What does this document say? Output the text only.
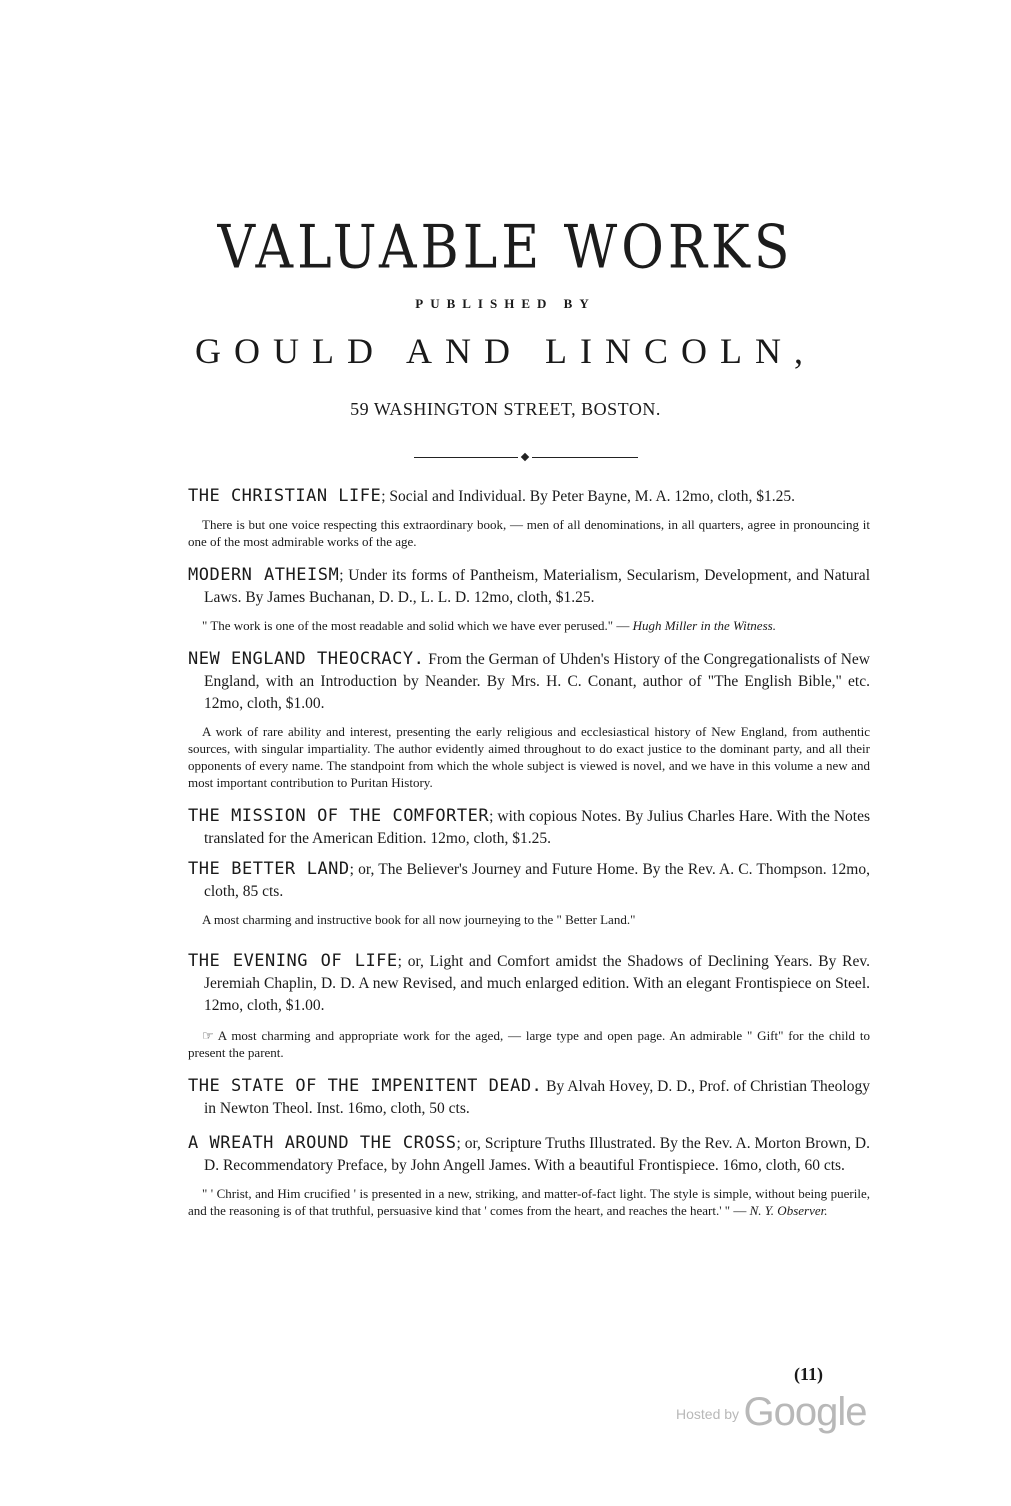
VALUABLE WORKS
PUBLISHED BY
GOULD AND LINCOLN,
59 WASHINGTON STREET, BOSTON.

THE CHRISTIAN LIFE; Social and Individual. By Peter Bayne, M. A. 12mo, cloth, $1.25.

There is but one voice respecting this extraordinary book, — men of all denominations, in all quarters, agree in pronouncing it one of the most admirable works of the age.

MODERN ATHEISM; Under its forms of Pantheism, Materialism, Secularism, Development, and Natural Laws. By James Buchanan, D. D., L. L. D. 12mo, cloth, $1.25.

" The work is one of the most readable and solid which we have ever perused." — Hugh Miller in the Witness.

NEW ENGLAND THEOCRACY. From the German of Uhden's History of the Congregationalists of New England, with an Introduction by Neander. By Mrs. H. C. Conant, author of "The English Bible," etc. 12mo, cloth, $1.00.

A work of rare ability and interest, presenting the early religious and ecclesiastical history of New England, from authentic sources, with singular impartiality. The author evidently aimed throughout to do exact justice to the dominant party, and all their opponents of every name. The standpoint from which the whole subject is viewed is novel, and we have in this volume a new and most important contribution to Puritan History.

THE MISSION OF THE COMFORTER; with copious Notes. By Julius Charles Hare. With the Notes translated for the American Edition. 12mo, cloth, $1.25.

THE BETTER LAND; or, The Believer's Journey and Future Home. By the Rev. A. C. Thompson. 12mo, cloth, 85 cts.

A most charming and instructive book for all now journeying to the " Better Land."

THE EVENING OF LIFE; or, Light and Comfort amidst the Shadows of Declining Years. By Rev. Jeremiah Chaplin, D. D. A new Revised, and much enlarged edition. With an elegant Frontispiece on Steel. 12mo, cloth, $1.00.

☞ A most charming and appropriate work for the aged, — large type and open page. An admirable " Gift" for the child to present the parent.

THE STATE OF THE IMPENITENT DEAD. By Alvah Hovey, D. D., Prof. of Christian Theology in Newton Theol. Inst. 16mo, cloth, 50 cts.

A WREATH AROUND THE CROSS; or, Scripture Truths Illustrated. By the Rev. A. Morton Brown, D. D. Recommendatory Preface, by John Angell James. With a beautiful Frontispiece. 16mo, cloth, 60 cts.

" ' Christ, and Him crucified ' is presented in a new, striking, and matter-of-fact light. The style is simple, without being puerile, and the reasoning is of that truthful, persuasive kind that ' comes from the heart, and reaches the heart.' " — N. Y. Observer.

(11)
Hosted by Google
